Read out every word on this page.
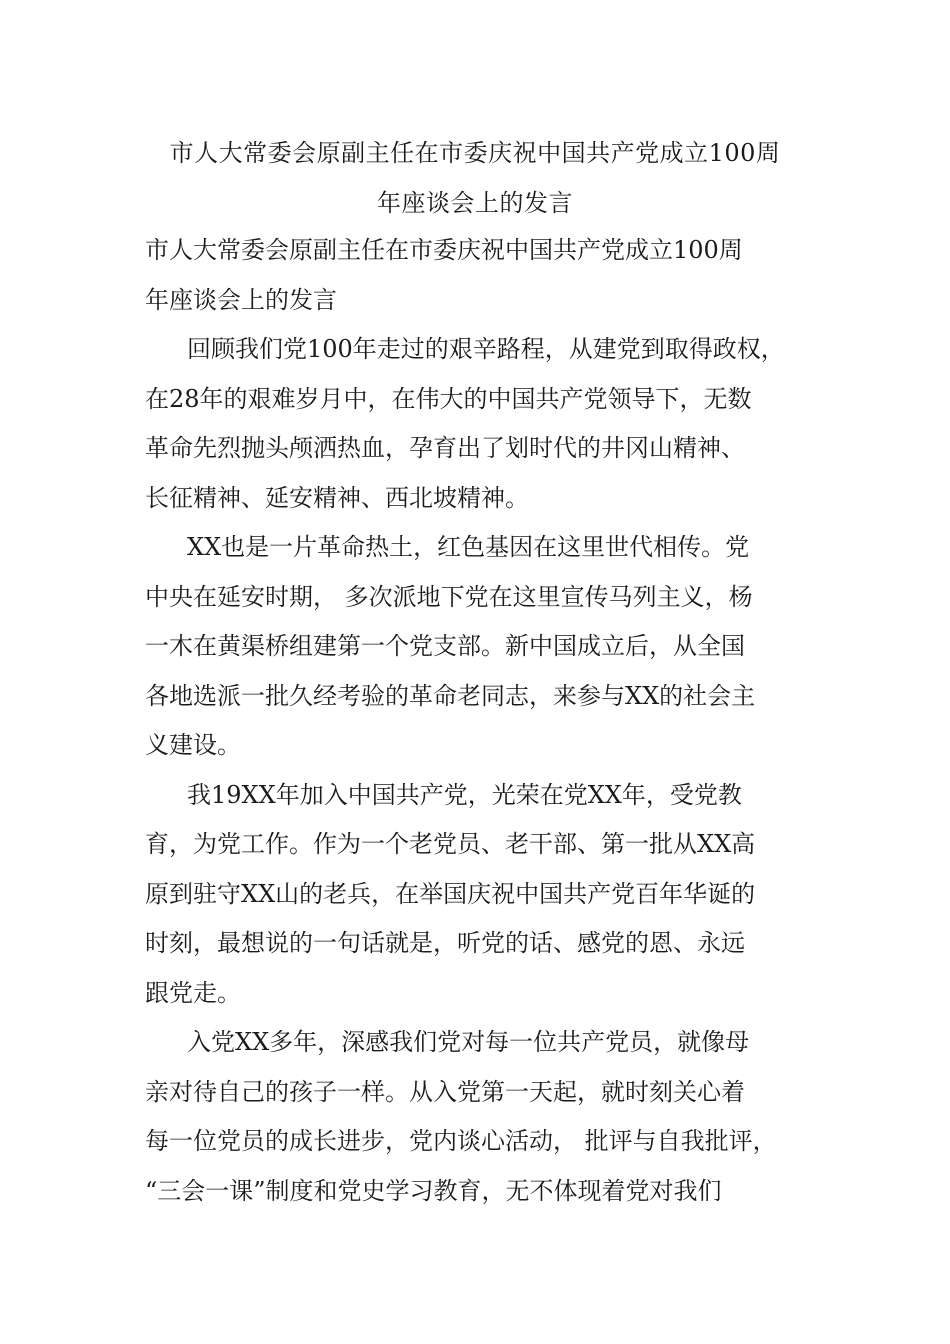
市人大常委会原副主任在市委庆祝中国共产党成立100周
年座谈会上的发言

市人大常委会原副主任在市委庆祝中国共产党成立100周
年座谈会上的发言

回顾我们党100年走过的艰辛路程，从建党到取得政权，
在28年的艰难岁月中，在伟大的中国共产党领导下，无数
革命先烈抛头颅洒热血，孕育出了划时代的井冈山精神、
长征精神、延安精神、西北坡精神。

XX也是一片革命热土，红色基因在这里世代相传。党
中央在延安时期， 多次派地下党在这里宣传马列主义，杨
一木在黄渠桥组建第一个党支部。新中国成立后，从全国
各地选派一批久经考验的革命老同志，来参与XX的社会主
义建设。

我19XX年加入中国共产党，光荣在党XX年，受党教
育，为党工作。作为一个老党员、老干部、第一批从XX高
原到驻守XX山的老兵，在举国庆祝中国共产党百年华诞的
时刻，最想说的一句话就是，听党的话、感党的恩、永远
跟党走。

入党XX多年，深感我们党对每一位共产党员，就像母
亲对待自己的孩子一样。从入党第一天起，就时刻关心着
每一位党员的成长进步，党内谈心活动， 批评与自我批评，
“三会一课”制度和党史学习教育，无不体现着党对我们
